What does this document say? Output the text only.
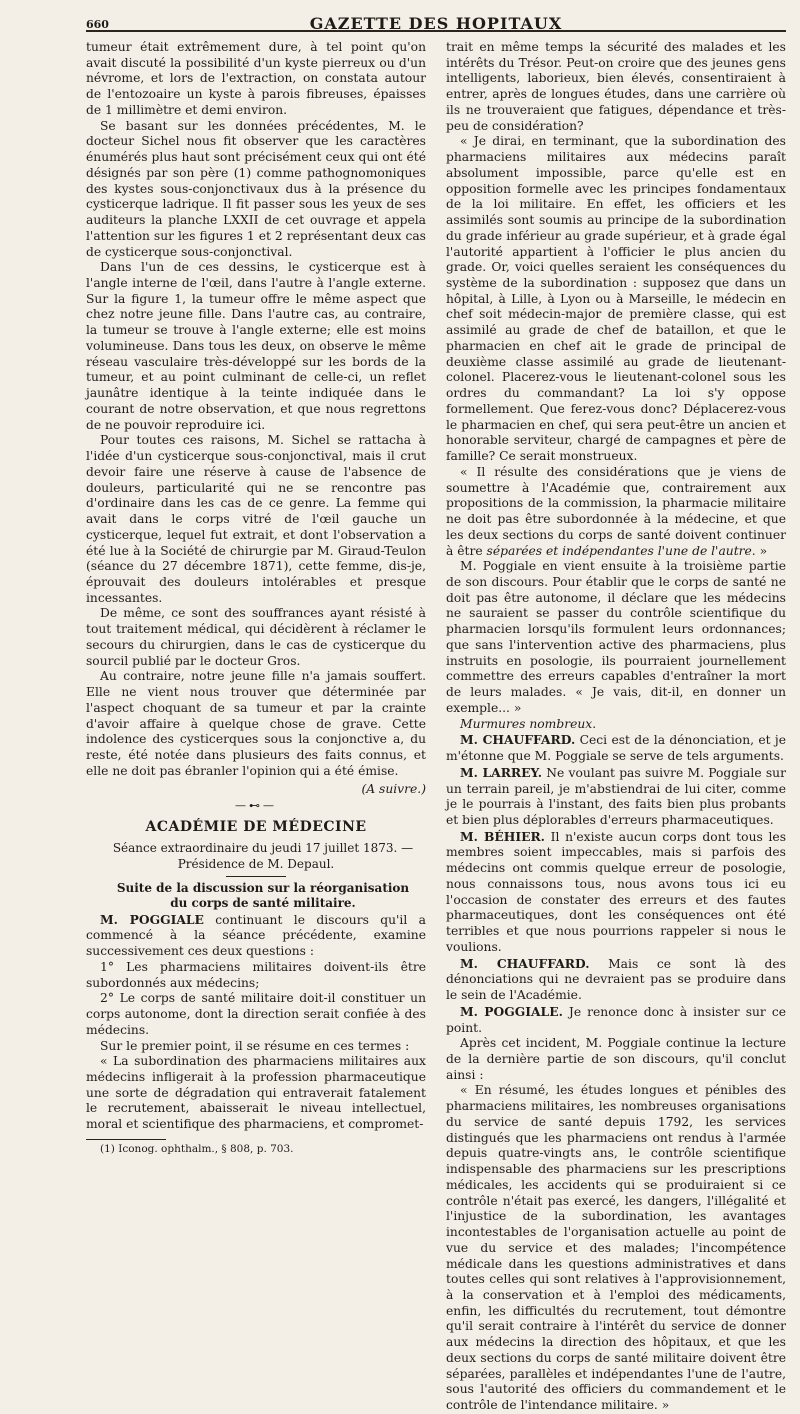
660	GAZETTE DES HOPITAUX

tumeur était extrêmement dure, à tel point qu'on avait discuté la possibilité d'un kyste pierreux ou d'un névrome, et lors de l'extraction, on constata autour de l'entozoaire un kyste à parois fibreuses, épaisses de 1 millimètre et demi environ.

Se basant sur les données précédentes, M. le docteur Sichel nous fit observer que les caractères énumérés plus haut sont précisément ceux qui ont été désignés par son père (1) comme pathognomoniques des kystes sous-conjonctivaux dus à la présence du cysticerque ladrique. Il fit passer sous les yeux de ses auditeurs la planche LXXII de cet ouvrage et appela l'attention sur les figures 1 et 2 représentant deux cas de cysticerque sous-conjonctival.

Dans l'un de ces dessins, le cysticerque est à l'angle interne de l'œil, dans l'autre à l'angle externe. Sur la figure 1, la tumeur offre le même aspect que chez notre jeune fille. Dans l'autre cas, au contraire, la tumeur se trouve à l'angle externe; elle est moins volumineuse. Dans tous les deux, on observe le même réseau vasculaire très-développé sur les bords de la tumeur, et au point culminant de celle-ci, un reflet jaunâtre identique à la teinte indiquée dans le courant de notre observation, et que nous regrettons de ne pouvoir reproduire ici.

Pour toutes ces raisons, M. Sichel se rattacha à l'idée d'un cysticerque sous-conjonctival, mais il crut devoir faire une réserve à cause de l'absence de douleurs, particularité qui ne se rencontre pas d'ordinaire dans les cas de ce genre. La femme qui avait dans le corps vitré de l'œil gauche un cysticerque, lequel fut extrait, et dont l'observation a été lue à la Société de chirurgie par M. Giraud-Teulon (séance du 27 décembre 1871), cette femme, dis-je, éprouvait des douleurs intolérables et presque incessantes.

De même, ce sont des souffrances ayant résisté à tout traitement médical, qui décidèrent à réclamer le secours du chirurgien, dans le cas de cysticerque du sourcil publié par le docteur Gros.

Au contraire, notre jeune fille n'a jamais souffert. Elle ne vient nous trouver que déterminée par l'aspect choquant de sa tumeur et par la crainte d'avoir affaire à quelque chose de grave. Cette indolence des cysticerques sous la conjonctive a, du reste, été notée dans plusieurs des faits connus, et elle ne doit pas ébranler l'opinion qui a été émise.

(A suivre.)

—⊷—
ACADÉMIE DE MÉDECINE

Séance extraordinaire du jeudi 17 juillet 1873. — Présidence de M. Depaul.

Suite de la discussion sur la réorganisation

du corps de santé militaire.

M. POGGIALE continuant le discours qu'il a commencé à la séance précédente, examine successivement ces deux questions :

1° Les pharmaciens militaires doivent-ils être subordonnés aux médecins;

2° Le corps de santé militaire doit-il constituer un corps autonome, dont la direction serait confiée à des médecins.

Sur le premier point, il se résume en ces termes :

« La subordination des pharmaciens militaires aux médecins infligerait à la profession pharmaceutique une sorte de dégradation qui entraverait fatalement le recrutement, abaisserait le niveau intellectuel, moral et scientifique des pharmaciens, et compromet-

(1) Iconog. ophthalm., § 808, p. 703.

trait en même temps la sécurité des malades et les intérêts du Trésor. Peut-on croire que des jeunes gens intelligents, laborieux, bien élevés, consentiraient à entrer, après de longues études, dans une carrière où ils ne trouveraient que fatigues, dépendance et très-peu de considération?

« Je dirai, en terminant, que la subordination des pharmaciens militaires aux médecins paraît absolument impossible, parce qu'elle est en opposition formelle avec les principes fondamentaux de la loi militaire. En effet, les officiers et les assimilés sont soumis au principe de la subordination du grade inférieur au grade supérieur, et à grade égal l'autorité appartient à l'officier le plus ancien du grade. Or, voici quelles seraient les conséquences du système de la subordination : supposez que dans un hôpital, à Lille, à Lyon ou à Marseille, le médecin en chef soit médecin-major de première classe, qui est assimilé au grade de chef de bataillon, et que le pharmacien en chef ait le grade de principal de deuxième classe assimilé au grade de lieutenant-colonel. Placerez-vous le lieutenant-colonel sous les ordres du commandant? La loi s'y oppose formellement. Que ferez-vous donc? Déplacerez-vous le pharmacien en chef, qui sera peut-être un ancien et honorable serviteur, chargé de campagnes et père de famille? Ce serait monstrueux.

« Il résulte des considérations que je viens de soumettre à l'Académie que, contrairement aux propositions de la commission, la pharmacie militaire ne doit pas être subordonnée à la médecine, et que les deux sections du corps de santé doivent continuer à être séparées et indépendantes l'une de l'autre. »

M. Poggiale en vient ensuite à la troisième partie de son discours. Pour établir que le corps de santé ne doit pas être autonome, il déclare que les médecins ne sauraient se passer du contrôle scientifique du pharmacien lorsqu'ils formulent leurs ordonnances; que sans l'intervention active des pharmaciens, plus instruits en posologie, ils pourraient journellement commettre des erreurs capables d'entraîner la mort de leurs malades. « Je vais, dit-il, en donner un exemple... »

Murmures nombreux.

M. CHAUFFARD. Ceci est de la dénonciation, et je m'étonne que M. Poggiale se serve de tels arguments.

M. LARREY. Ne voulant pas suivre M. Poggiale sur un terrain pareil, je m'abstiendrai de lui citer, comme je le pourrais à l'instant, des faits bien plus probants et bien plus déplorables d'erreurs pharmaceutiques.

M. BÉHIER. Il n'existe aucun corps dont tous les membres soient impeccables, mais si parfois des médecins ont commis quelque erreur de posologie, nous connaissons tous, nous avons tous ici eu l'occasion de constater des erreurs et des fautes pharmaceutiques, dont les conséquences ont été terribles et que nous pourrions rappeler si nous le voulions.

M. CHAUFFARD. Mais ce sont là des dénonciations qui ne devraient pas se produire dans le sein de l'Académie.

M. POGGIALE. Je renonce donc à insister sur ce point.

Après cet incident, M. Poggiale continue la lecture de la dernière partie de son discours, qu'il conclut ainsi :

« En résumé, les études longues et pénibles des pharmaciens militaires, les nombreuses organisations du service de santé depuis 1792, les services distingués que les pharmaciens ont rendus à l'armée depuis quatre-vingts ans, le contrôle scientifique indispensable des pharmaciens sur les prescriptions médicales, les accidents qui se produiraient si ce contrôle n'était pas exercé, les dangers, l'illégalité et l'injustice de la subordination, les avantages incontestables de l'organisation actuelle au point de vue du service et des malades; l'incompétence médicale dans les questions administratives et dans toutes celles qui sont relatives à l'approvisionnement, à la conservation et à l'emploi des médicaments, enfin, les difficultés du recrutement, tout démontre qu'il serait contraire à l'intérêt du service de donner aux médecins la direction des hôpitaux, et que les deux sections du corps de santé militaire doivent être séparées, parallèles et indépendantes l'une de l'autre, sous l'autorité des officiers du commandement et le contrôle de l'intendance militaire. »
